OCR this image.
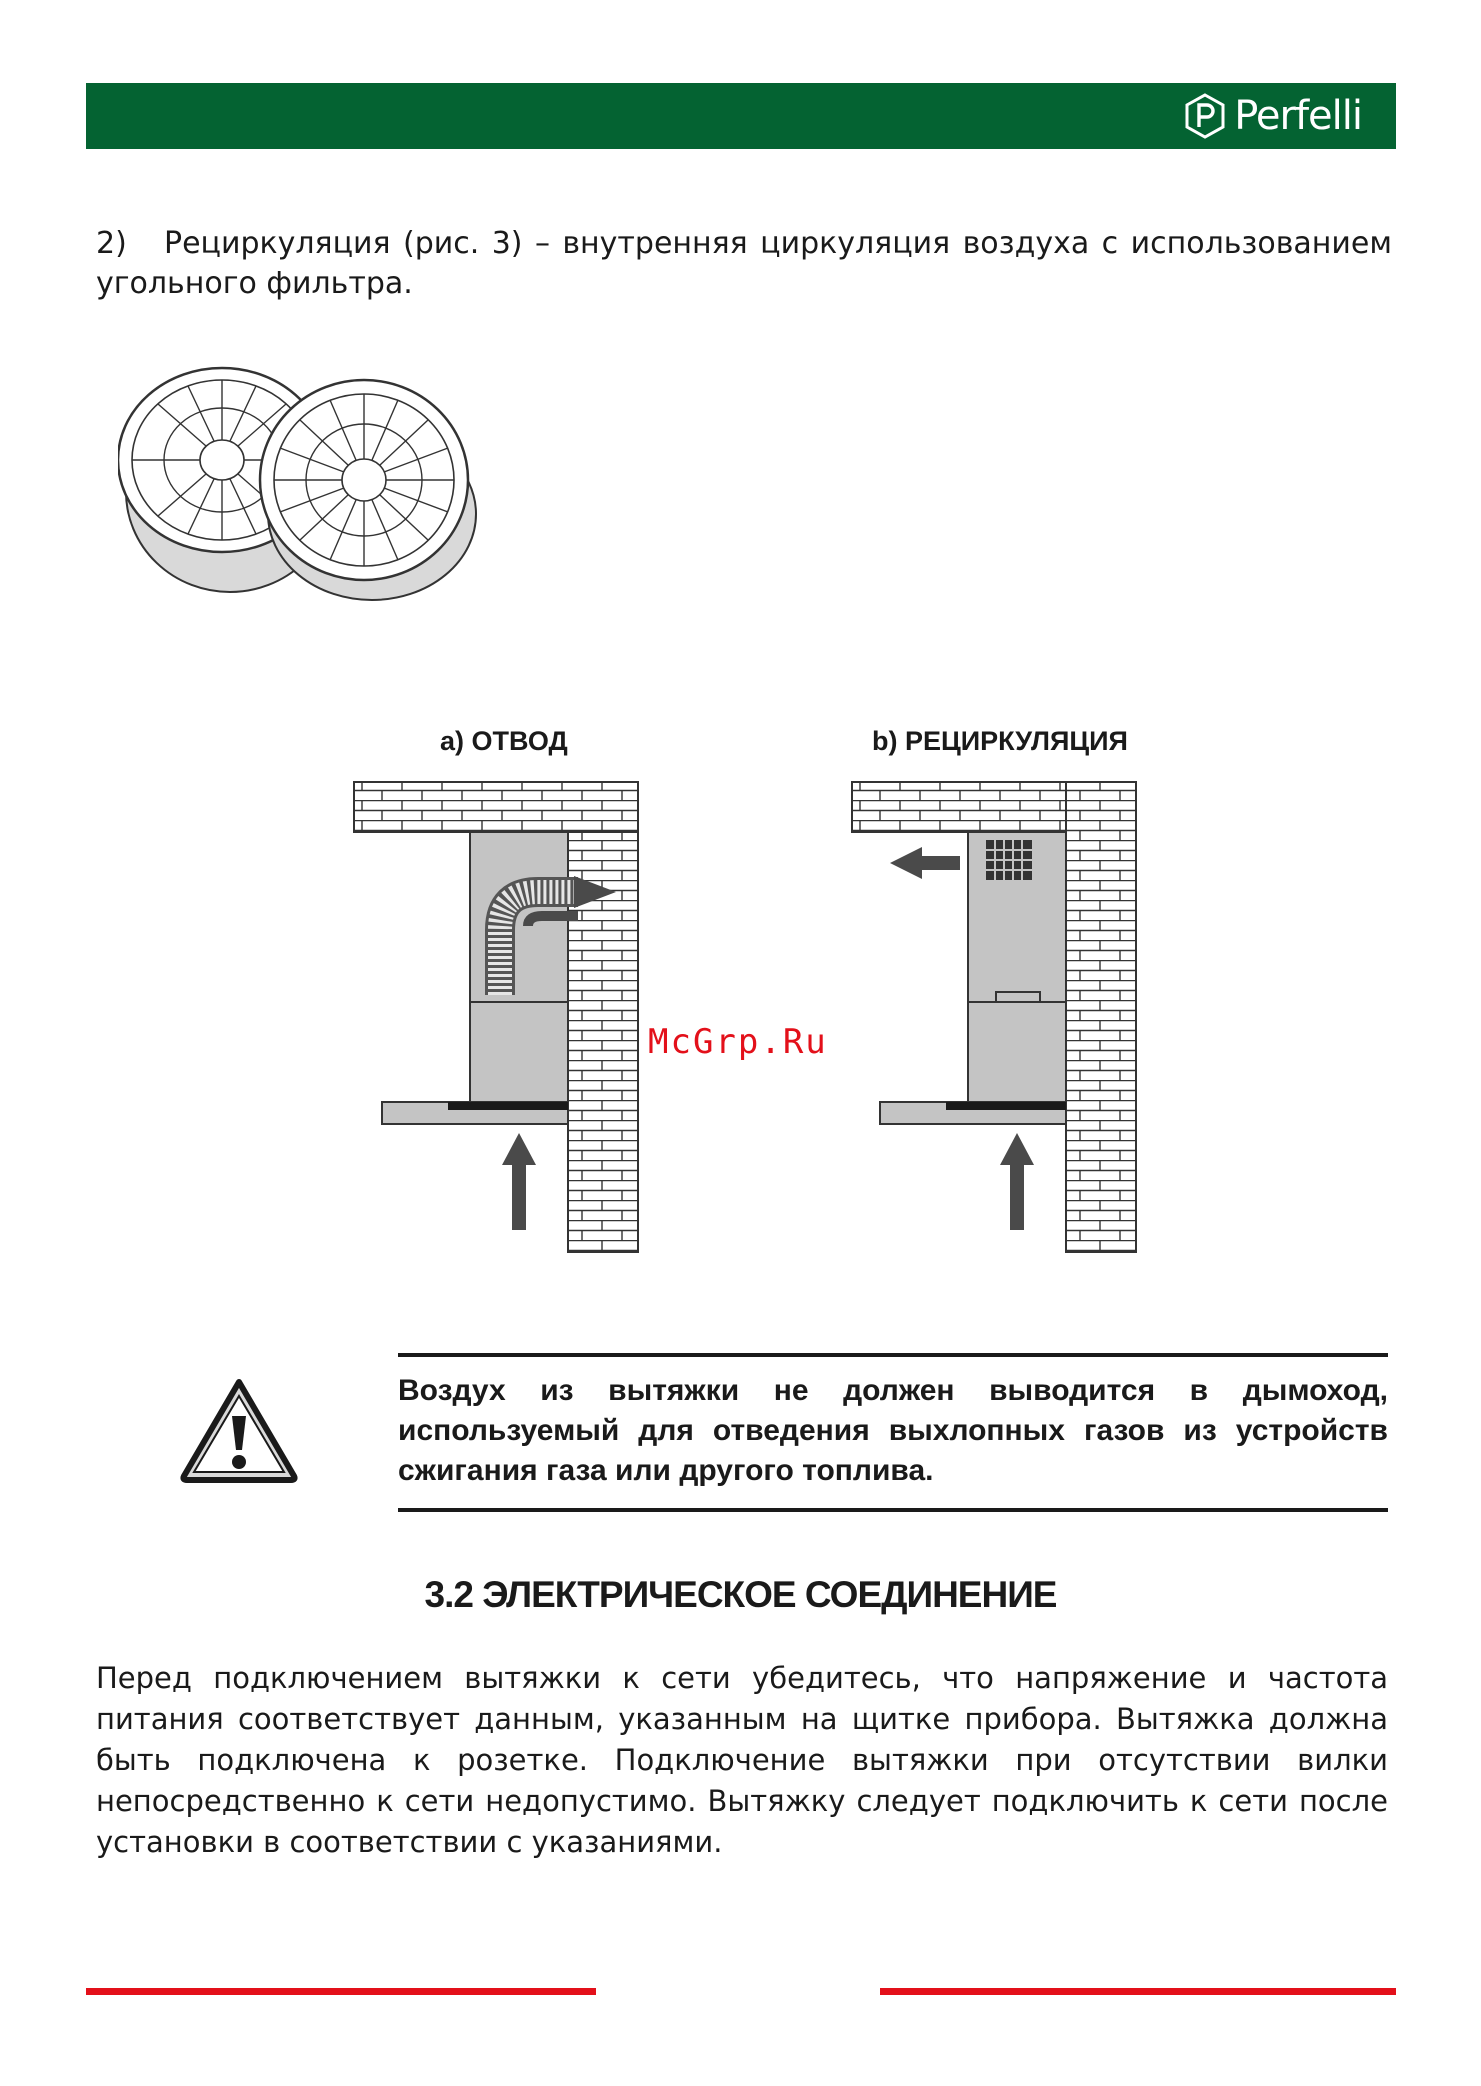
Perfelli
2) Рециркуляция (рис. 3) – внутренняя циркуляция воздуха с использованием угольного фильтра.
a) ОТВОД	b) РЕЦИРКУЛЯЦИЯ
McGrp.Ru
Воздух из вытяжки не должен выводится в дымоход, используемый для отведения выхлопных газов из устройств сжигания газа или другого топлива.
3.2 ЭЛЕКТРИЧЕСКОЕ СОЕДИНЕНИЕ
Перед подключением вытяжки к сети убедитесь, что напряжение и частота питания соответствует данным, указанным на щитке прибора. Вытяжка должна быть подключена к розетке. Подключение вытяжки при отсутствии вилки непосредственно к сети недопустимо. Вытяжку следует подключить к сети после установки в соответствии с указаниями.
